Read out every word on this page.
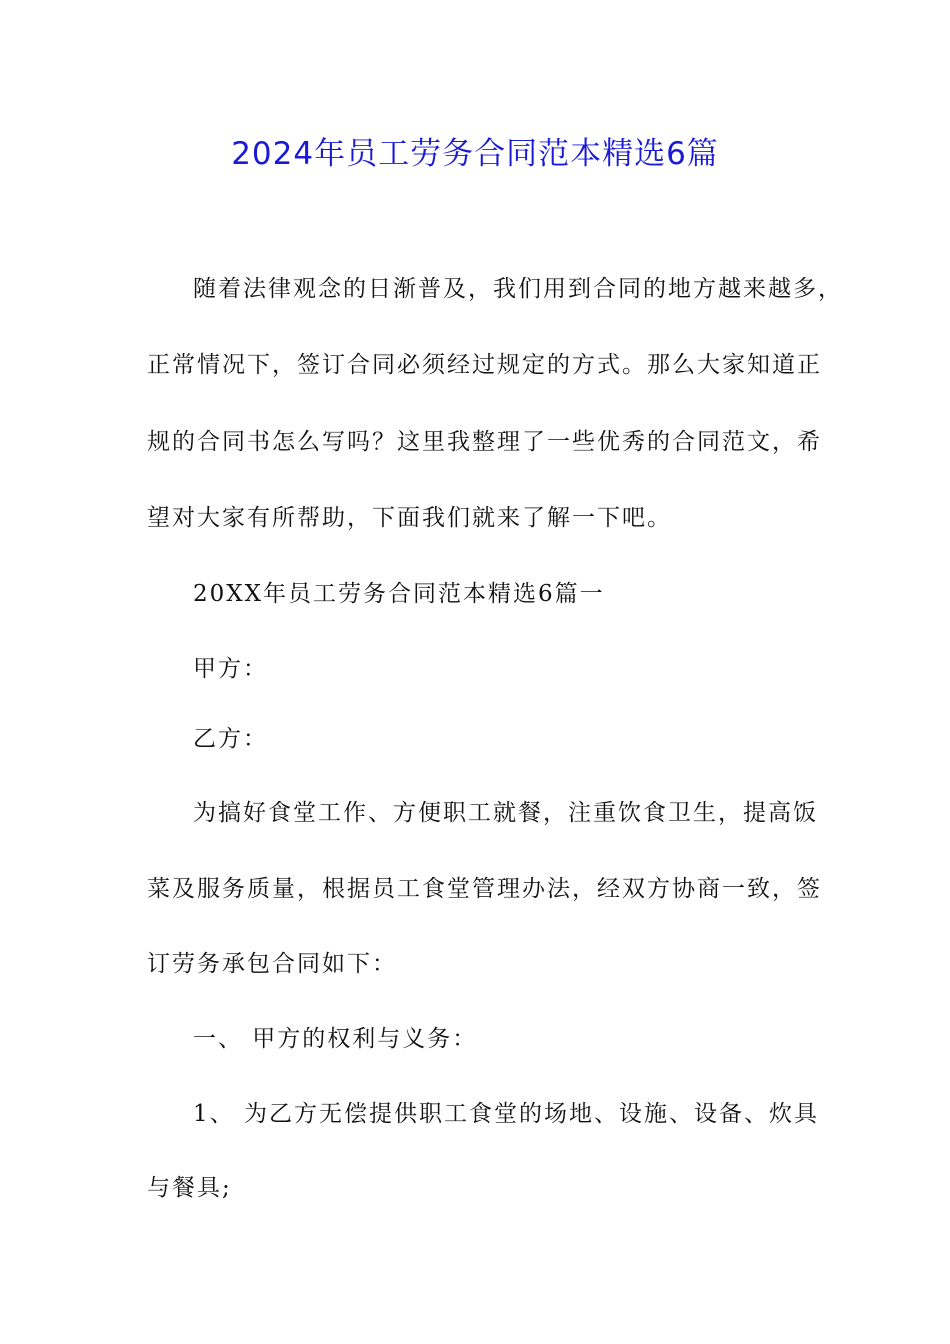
2024年员工劳务合同范本精选6篇
随着法律观念的日渐普及，我们用到合同的地方越来越多，
正常情况下，签订合同必须经过规定的方式。那么大家知道正
规的合同书怎么写吗？这里我整理了一些优秀的合同范文，希
望对大家有所帮助，下面我们就来了解一下吧。
20XX年员工劳务合同范本精选6篇一
甲方：
乙方：
为搞好食堂工作、方便职工就餐，注重饮食卫生，提高饭
菜及服务质量，根据员工食堂管理办法，经双方协商一致，签
订劳务承包合同如下：
一、 甲方的权利与义务：
1、 为乙方无偿提供职工食堂的场地、设施、设备、炊具
与餐具;
